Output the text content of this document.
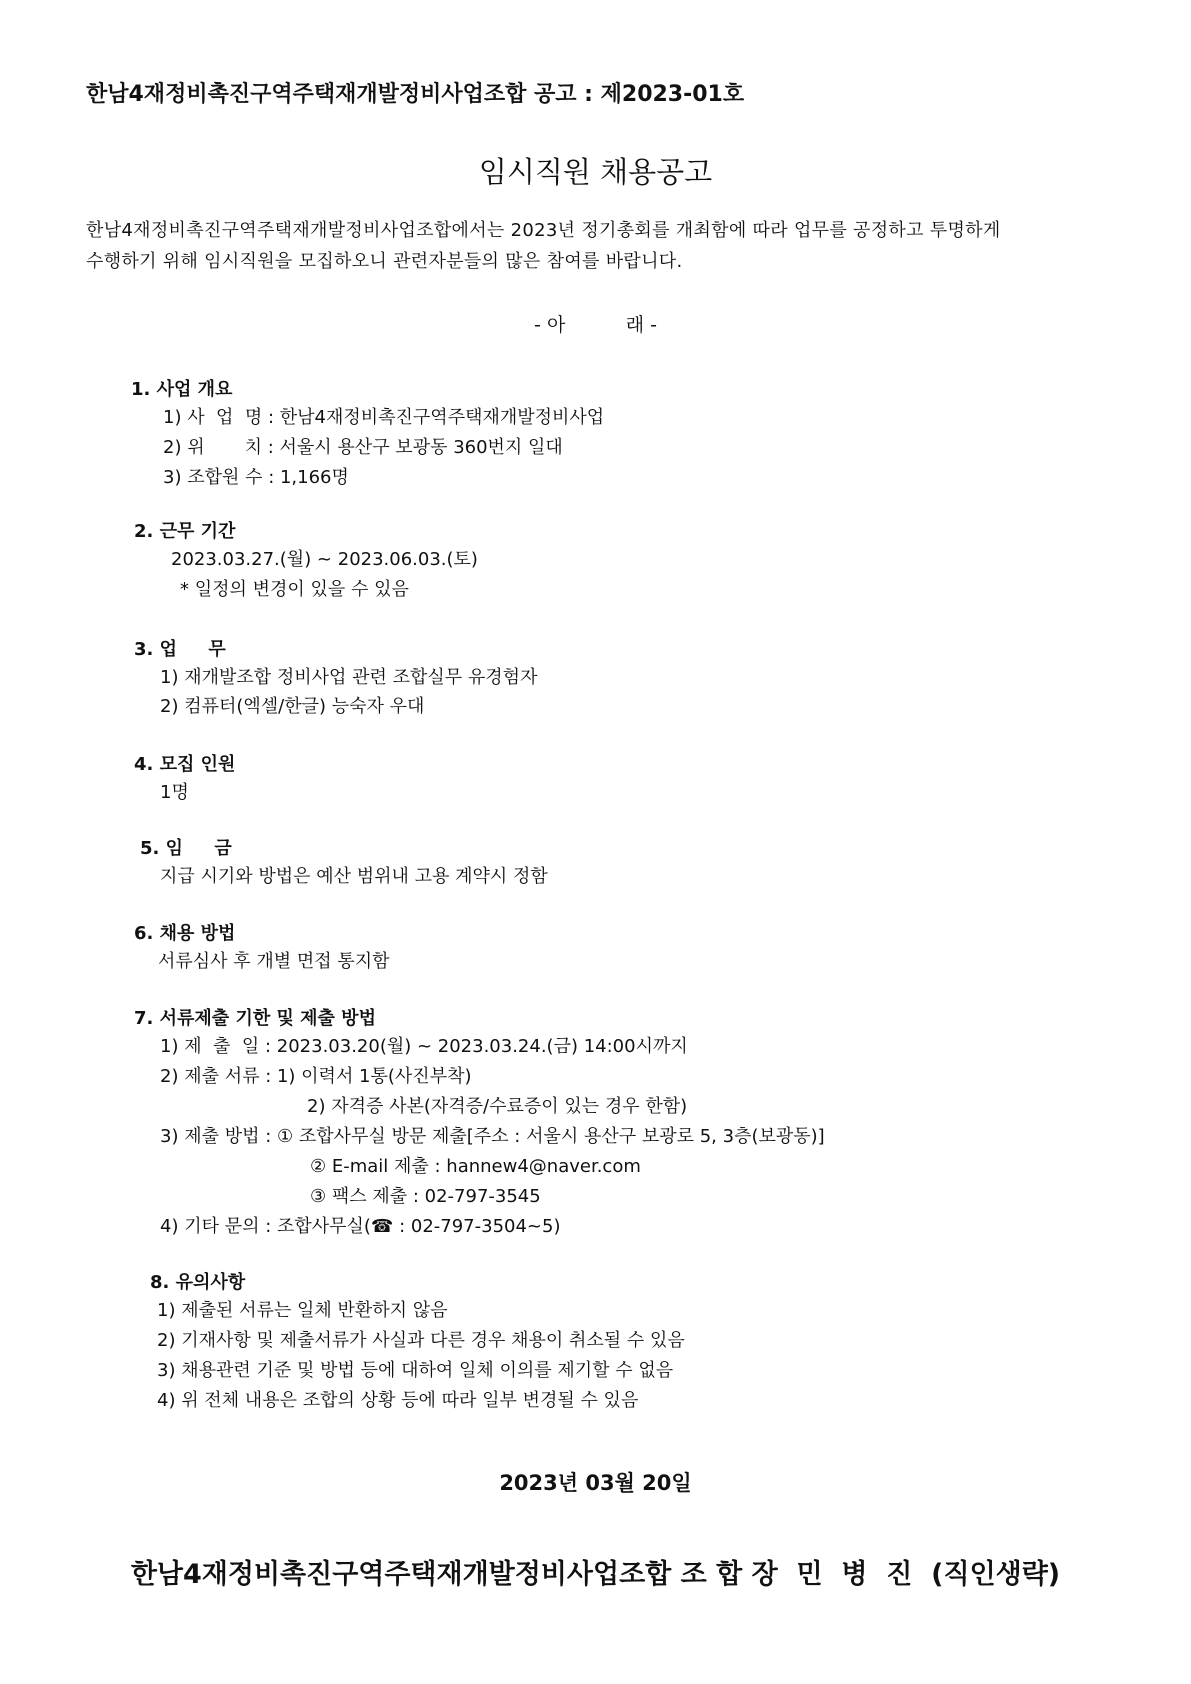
한남4재정비촉진구역주택재개발정비사업조합 공고 : 제2023-01호
임시직원 채용공고
한남4재정비촉진구역주택재개발정비사업조합에서는 2023년 정기총회를 개최함에 따라 업무를 공정하고 투명하게
수행하기 위해 임시직원을 모집하오니 관련자분들의 많은 참여를 바랍니다.
- 아          래 -
1. 사업 개요
1) 사  업  명 : 한남4재정비촉진구역주택재개발정비사업
2) 위       치 : 서울시 용산구 보광동 360번지 일대
3) 조합원 수 : 1,166명
2. 근무 기간
2023.03.27.(월) ~ 2023.06.03.(토)
* 일정의 변경이 있을 수 있음
3. 업     무
1) 재개발조합 정비사업 관련 조합실무 유경험자
2) 컴퓨터(엑셀/한글) 능숙자 우대
4. 모집 인원
1명
5. 임     금
지급 시기와 방법은 예산 범위내 고용 계약시 정함
6. 채용 방법
서류심사 후 개별 면접 통지함
7. 서류제출 기한 및 제출 방법
1) 제  출  일 : 2023.03.20(월) ~ 2023.03.24.(금) 14:00시까지
2) 제출 서류 : 1) 이력서 1통(사진부착)
2) 자격증 사본(자격증/수료증이 있는 경우 한함)
3) 제출 방법 : ① 조합사무실 방문 제출[주소 : 서울시 용산구 보광로 5, 3층(보광동)]
② E-mail 제출 : hannew4@naver.com
③ 팩스 제출 : 02-797-3545
4) 기타 문의 : 조합사무실(☎ : 02-797-3504~5)
8. 유의사항
1) 제출된 서류는 일체 반환하지 않음
2) 기재사항 및 제출서류가 사실과 다른 경우 채용이 취소될 수 있음
3) 채용관련 기준 및 방법 등에 대하여 일체 이의를 제기할 수 없음
4) 위 전체 내용은 조합의 상황 등에 따라 일부 변경될 수 있음
2023년 03월 20일
한남4재정비촉진구역주택재개발정비사업조합 조 합 장  민  병  진  (직인생략)
